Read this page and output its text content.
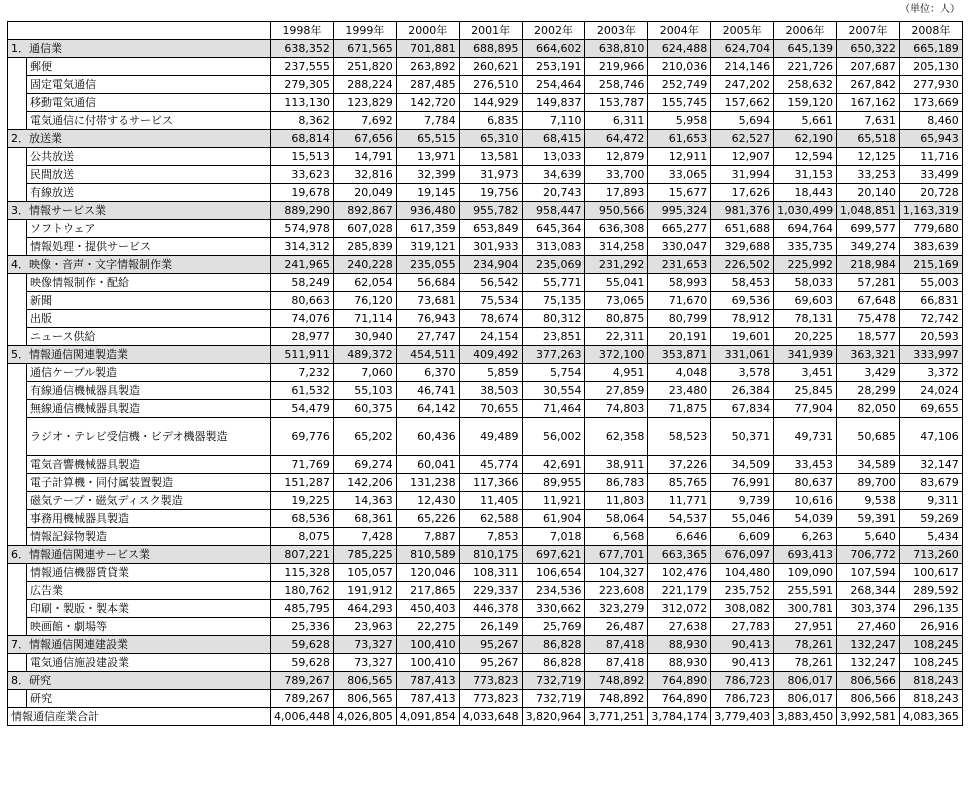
（単位：人）
		1998年	1999年	2000年	2001年	2002年	2003年	2004年	2005年	2006年	2007年	2008年
1．通信業		638,352	671,565	701,881	688,895	664,602	638,810	624,488	624,704	645,139	650,322	665,189
	郵便	237,555	251,820	263,892	260,621	253,191	219,966	210,036	214,146	221,726	207,687	205,130
	固定電気通信	279,305	288,224	287,485	276,510	254,464	258,746	252,749	247,202	258,632	267,842	277,930
	移動電気通信	113,130	123,829	142,720	144,929	149,837	153,787	155,745	157,662	159,120	167,162	173,669
	電気通信に付帯するサービス	8,362	7,692	7,784	6,835	7,110	6,311	5,958	5,694	5,661	7,631	8,460
2．放送業		68,814	67,656	65,515	65,310	68,415	64,472	61,653	62,527	62,190	65,518	65,943
	公共放送	15,513	14,791	13,971	13,581	13,033	12,879	12,911	12,907	12,594	12,125	11,716
	民間放送	33,623	32,816	32,399	31,973	34,639	33,700	33,065	31,994	31,153	33,253	33,499
	有線放送	19,678	20,049	19,145	19,756	20,743	17,893	15,677	17,626	18,443	20,140	20,728
3．情報サービス業		889,290	892,867	936,480	955,782	958,447	950,566	995,324	981,376	1,030,499	1,048,851	1,163,319
	ソフトウェア	574,978	607,028	617,359	653,849	645,364	636,308	665,277	651,688	694,764	699,577	779,680
	情報処理・提供サービス	314,312	285,839	319,121	301,933	313,083	314,258	330,047	329,688	335,735	349,274	383,639
4．映像・音声・文字情報制作業		241,965	240,228	235,055	234,904	235,069	231,292	231,653	226,502	225,992	218,984	215,169
	映像情報制作・配給	58,249	62,054	56,684	56,542	55,771	55,041	58,993	58,453	58,033	57,281	55,003
	新聞	80,663	76,120	73,681	75,534	75,135	73,065	71,670	69,536	69,603	67,648	66,831
	出版	74,076	71,114	76,943	78,674	80,312	80,875	80,799	78,912	78,131	75,478	72,742
	ニュース供給	28,977	30,940	27,747	24,154	23,851	22,311	20,191	19,601	20,225	18,577	20,593
5．情報通信関連製造業		511,911	489,372	454,511	409,492	377,263	372,100	353,871	331,061	341,939	363,321	333,997
	通信ケーブル製造	7,232	7,060	6,370	5,859	5,754	4,951	4,048	3,578	3,451	3,429	3,372
	有線通信機械器具製造	61,532	55,103	46,741	38,503	30,554	27,859	23,480	26,384	25,845	28,299	24,024
	無線通信機械器具製造	54,479	60,375	64,142	70,655	71,464	74,803	71,875	67,834	77,904	82,050	69,655
	ラジオ・テレビ受信機・ビデオ機器製造	69,776	65,202	60,436	49,489	56,002	62,358	58,523	50,371	49,731	50,685	47,106
	電気音響機械器具製造	71,769	69,274	60,041	45,774	42,691	38,911	37,226	34,509	33,453	34,589	32,147
	電子計算機・同付属装置製造	151,287	142,206	131,238	117,366	89,955	86,783	85,765	76,991	80,637	89,700	83,679
	磁気テープ・磁気ディスク製造	19,225	14,363	12,430	11,405	11,921	11,803	11,771	9,739	10,616	9,538	9,311
	事務用機械器具製造	68,536	68,361	65,226	62,588	61,904	58,064	54,537	55,046	54,039	59,391	59,269
	情報記録物製造	8,075	7,428	7,887	7,853	7,018	6,568	6,646	6,609	6,263	5,640	5,434
6．情報通信関連サービス業		807,221	785,225	810,589	810,175	697,621	677,701	663,365	676,097	693,413	706,772	713,260
	情報通信機器賃貸業	115,328	105,057	120,046	108,311	106,654	104,327	102,476	104,480	109,090	107,594	100,617
	広告業	180,762	191,912	217,865	229,337	234,536	223,608	221,179	235,752	255,591	268,344	289,592
	印刷・製版・製本業	485,795	464,293	450,403	446,378	330,662	323,279	312,072	308,082	300,781	303,374	296,135
	映画館・劇場等	25,336	23,963	22,275	26,149	25,769	26,487	27,638	27,783	27,951	27,460	26,916
7．情報通信関連建設業		59,628	73,327	100,410	95,267	86,828	87,418	88,930	90,413	78,261	132,247	108,245
	電気通信施設建設業	59,628	73,327	100,410	95,267	86,828	87,418	88,930	90,413	78,261	132,247	108,245
8．研究		789,267	806,565	787,413	773,823	732,719	748,892	764,890	786,723	806,017	806,566	818,243
	研究	789,267	806,565	787,413	773,823	732,719	748,892	764,890	786,723	806,017	806,566	818,243
情報通信産業合計		4,006,448	4,026,805	4,091,854	4,033,648	3,820,964	3,771,251	3,784,174	3,779,403	3,883,450	3,992,581	4,083,365
